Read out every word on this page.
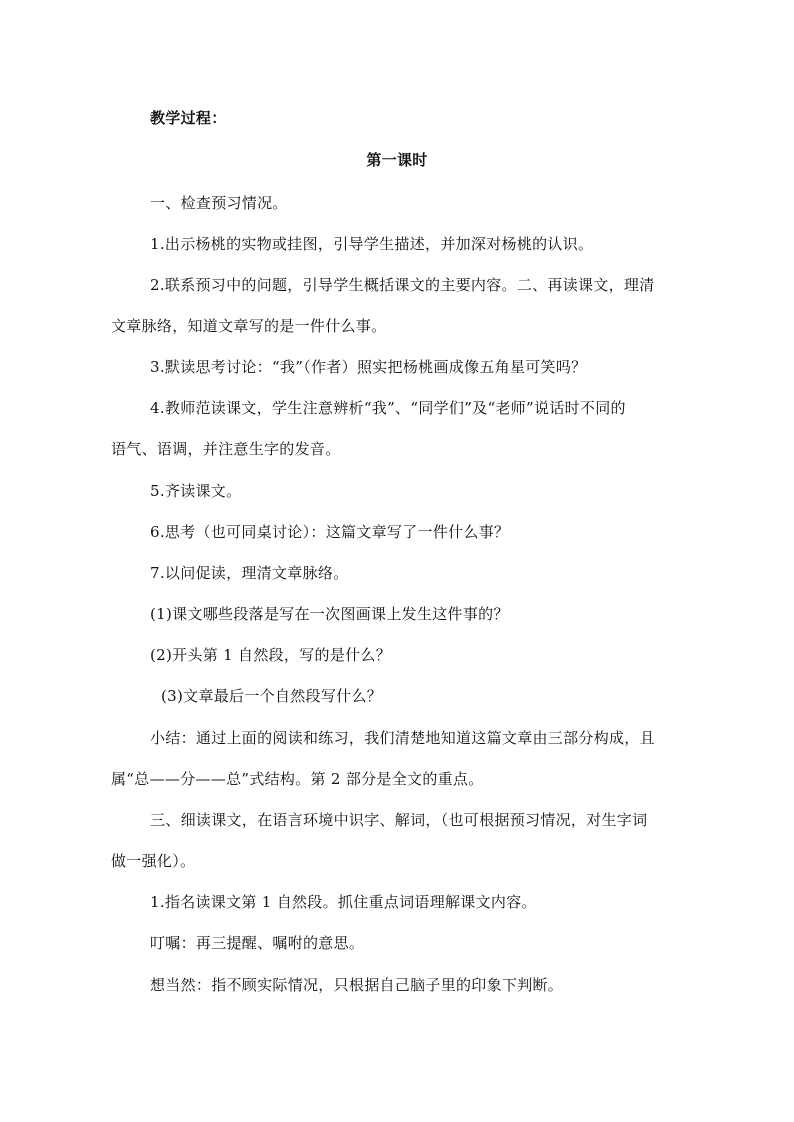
教学过程：
第一课时
一、检查预习情况。
1.出示杨桃的实物或挂图，引导学生描述，并加深对杨桃的认识。
2.联系预习中的问题，引导学生概括课文的主要内容。二、再读课文，理清
文章脉络，知道文章写的是一件什么事。
3.默读思考讨论：“我”（作者）照实把杨桃画成像五角星可笑吗？
4.教师范读课文，学生注意辨析“我”、“同学们”及“老师”说话时不同的
语气、语调，并注意生字的发音。
5.齐读课文。
6.思考（也可同桌讨论）：这篇文章写了一件什么事？
7.以问促读，理清文章脉络。
(1)课文哪些段落是写在一次图画课上发生这件事的？
(2)开头第 1 自然段，写的是什么？
(3)文章最后一个自然段写什么？
小结：通过上面的阅读和练习，我们清楚地知道这篇文章由三部分构成，且
属“总——分——总”式结构。第 2 部分是全文的重点。
三、细读课文，在语言环境中识字、解词，（也可根据预习情况，对生字词
做一强化）。
1.指名读课文第 1 自然段。抓住重点词语理解课文内容。
叮嘱：再三提醒、嘱咐的意思。
想当然：指不顾实际情况，只根据自己脑子里的印象下判断。
